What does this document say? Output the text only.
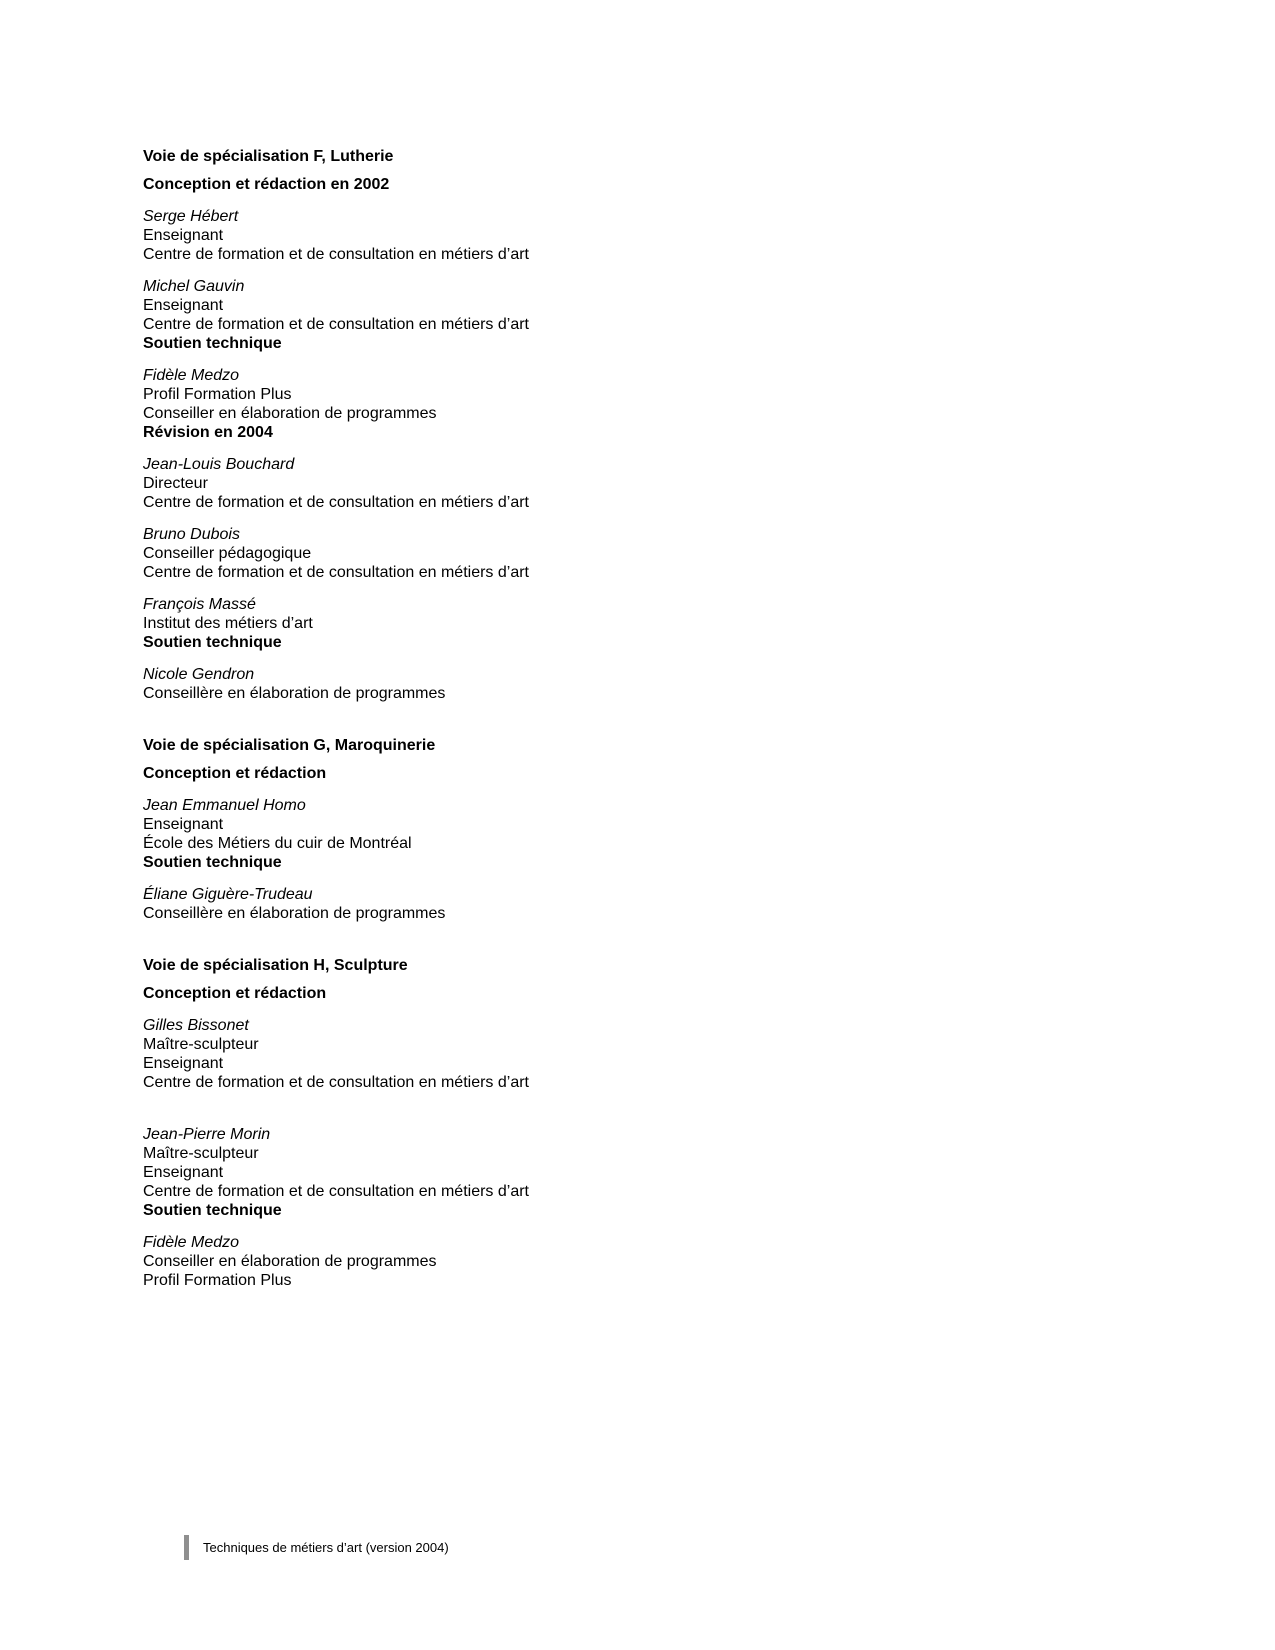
Voie de spécialisation F, Lutherie

Conception et rédaction en 2002

Serge Hébert

Enseignant

Centre de formation et de consultation en métiers d’art

Michel Gauvin

Enseignant

Centre de formation et de consultation en métiers d’art

Soutien technique

Fidèle Medzo

Profil Formation Plus

Conseiller en élaboration de programmes

Révision en 2004

Jean-Louis Bouchard

Directeur

Centre de formation et de consultation en métiers d’art

Bruno Dubois

Conseiller pédagogique

Centre de formation et de consultation en métiers d’art

François Massé

Institut des métiers d’art

Soutien technique

Nicole Gendron

Conseillère en élaboration de programmes

Voie de spécialisation G, Maroquinerie

Conception et rédaction

Jean Emmanuel Homo

Enseignant

École des Métiers du cuir de Montréal

Soutien technique

Éliane Giguère-Trudeau

Conseillère en élaboration de programmes

Voie de spécialisation H, Sculpture

Conception et rédaction

Gilles Bissonet

Maître-sculpteur

Enseignant

Centre de formation et de consultation en métiers d’art

Jean-Pierre Morin

Maître-sculpteur

Enseignant

Centre de formation et de consultation en métiers d’art

Soutien technique

Fidèle Medzo

Conseiller en élaboration de programmes

Profil Formation Plus

Techniques de métiers d’art (version 2004)
